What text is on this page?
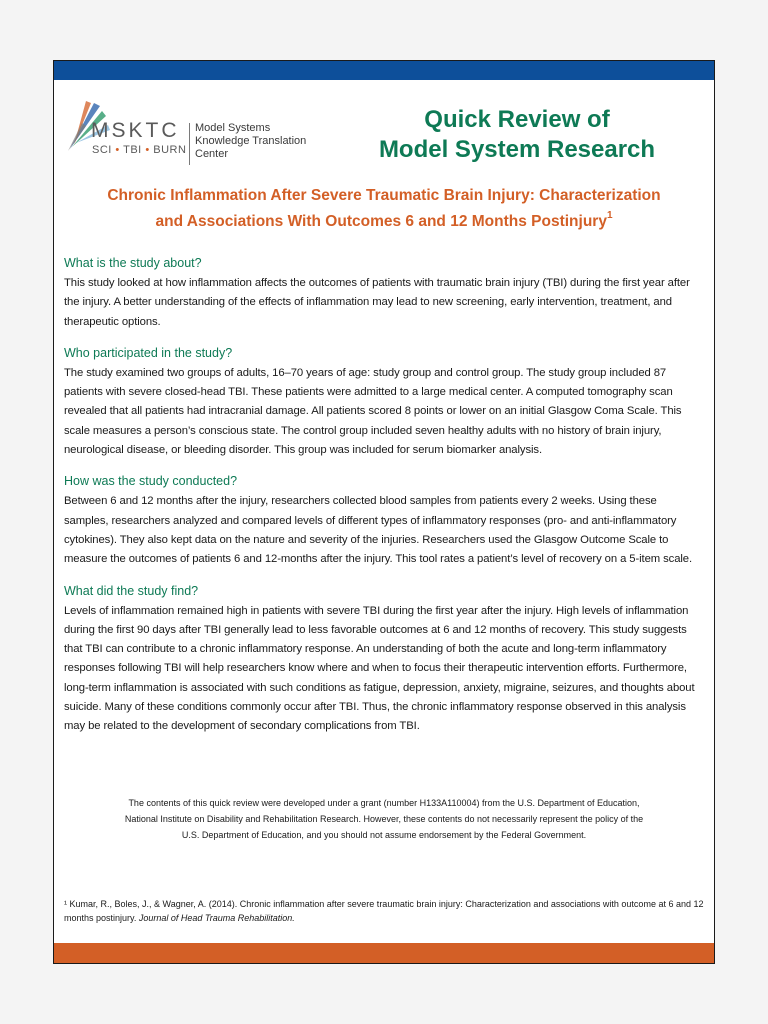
MSKTC
SCI • TBI • BURN
Model Systems
Knowledge Translation
Center
Quick Review of
Model System Research
Chronic Inflammation After Severe Traumatic Brain Injury: Characterization
and Associations With Outcomes 6 and 12 Months Postinjury$^1$
What is the study about?

This study looked at how inflammation affects the outcomes of patients with traumatic brain injury (TBI) during the first year after the injury. A better understanding of the effects of inflammation may lead to new screening, early intervention, treatment, and therapeutic options.

Who participated in the study?

The study examined two groups of adults, 16–70 years of age: study group and control group. The study group included 87 patients with severe closed-head TBI. These patients were admitted to a large medical center. A computed tomography scan revealed that all patients had intracranial damage. All patients scored 8 points or lower on an initial Glasgow Coma Scale. This scale measures a person’s conscious state. The control group included seven healthy adults with no history of brain injury, neurological disease, or bleeding disorder. This group was included for serum biomarker analysis.

How was the study conducted?

Between 6 and 12 months after the injury, researchers collected blood samples from patients every 2 weeks. Using these samples, researchers analyzed and compared levels of different types of inflammatory responses (pro- and anti-inflammatory cytokines). They also kept data on the nature and severity of the injuries. Researchers used the Glasgow Outcome Scale to measure the outcomes of patients 6 and 12-months after the injury. This tool rates a patient’s level of recovery on a 5-item scale.

What did the study find?

Levels of inflammation remained high in patients with severe TBI during the first year after the injury. High levels of inflammation during the first 90 days after TBI generally lead to less favorable outcomes at 6 and 12 months of recovery. This study suggests that TBI can contribute to a chronic inflammatory response. An understanding of both the acute and long-term inflammatory responses following TBI will help researchers know where and when to focus their therapeutic intervention efforts. Furthermore, long-term inflammation is associated with such conditions as fatigue, depression, anxiety, migraine, seizures, and thoughts about suicide. Many of these conditions commonly occur after TBI. Thus, the chronic inflammatory response observed in this analysis may be related to the development of secondary complications from TBI.

The contents of this quick review were developed under a grant (number H133A110004) from the U.S. Department of Education,
National Institute on Disability and Rehabilitation Research. However, these contents do not necessarily represent the policy of the
U.S. Department of Education, and you should not assume endorsement by the Federal Government.
¹ Kumar, R., Boles, J., & Wagner, A. (2014). Chronic inflammation after severe traumatic brain injury: Characterization and associations with outcome at 6 and 12 months postinjury. Journal of Head Trauma Rehabilitation.
